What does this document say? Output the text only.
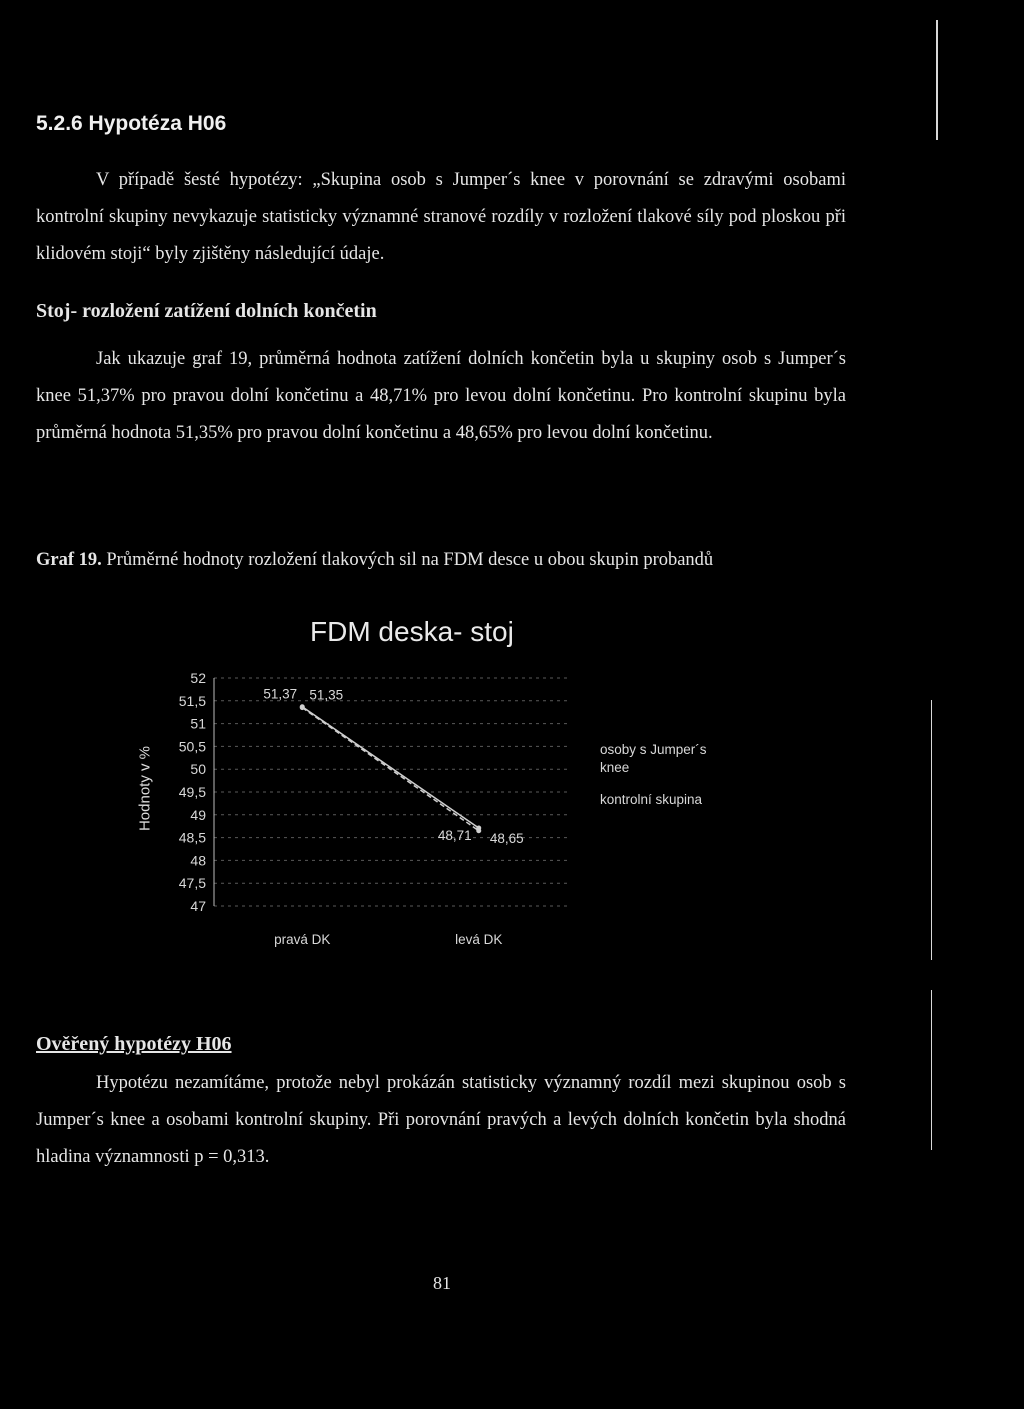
5.2.6 Hypotéza H06
V případě šesté hypotézy: „Skupina osob s Jumper´s knee v porovnání se zdravými osobami kontrolní skupiny nevykazuje statisticky významné stranové rozdíly v rozložení tlakové síly pod ploskou při klidovém stoji“ byly zjištěny následující údaje.
Stoj- rozložení zatížení dolních končetin
Jak ukazuje graf 19, průměrná hodnota zatížení dolních končetin byla u skupiny osob s Jumper´s knee 51,37% pro pravou dolní končetinu a 48,71% pro levou dolní končetinu. Pro kontrolní skupinu byla průměrná hodnota 51,35% pro pravou dolní končetinu a 48,65% pro levou dolní končetinu.
Graf 19. Průměrné hodnoty rozložení tlakových sil na FDM desce u obou skupin probandů
FDM deska- stoj
Hodnoty v %
47
47,5
48
48,5
49
49,5
50
50,5
51
51,5
52
pravá DK	levá DK
51,37
48,71
51,35
48,65
osoby s Jumper´s knee
kontrolní skupina
Ověřený hypotézy H06
Hypotézu nezamítáme, protože nebyl prokázán statisticky významný rozdíl mezi skupinou osob s Jumper´s knee a osobami kontrolní skupiny. Při porovnání pravých a levých dolních končetin byla shodná hladina významnosti p = 0,313.
81
